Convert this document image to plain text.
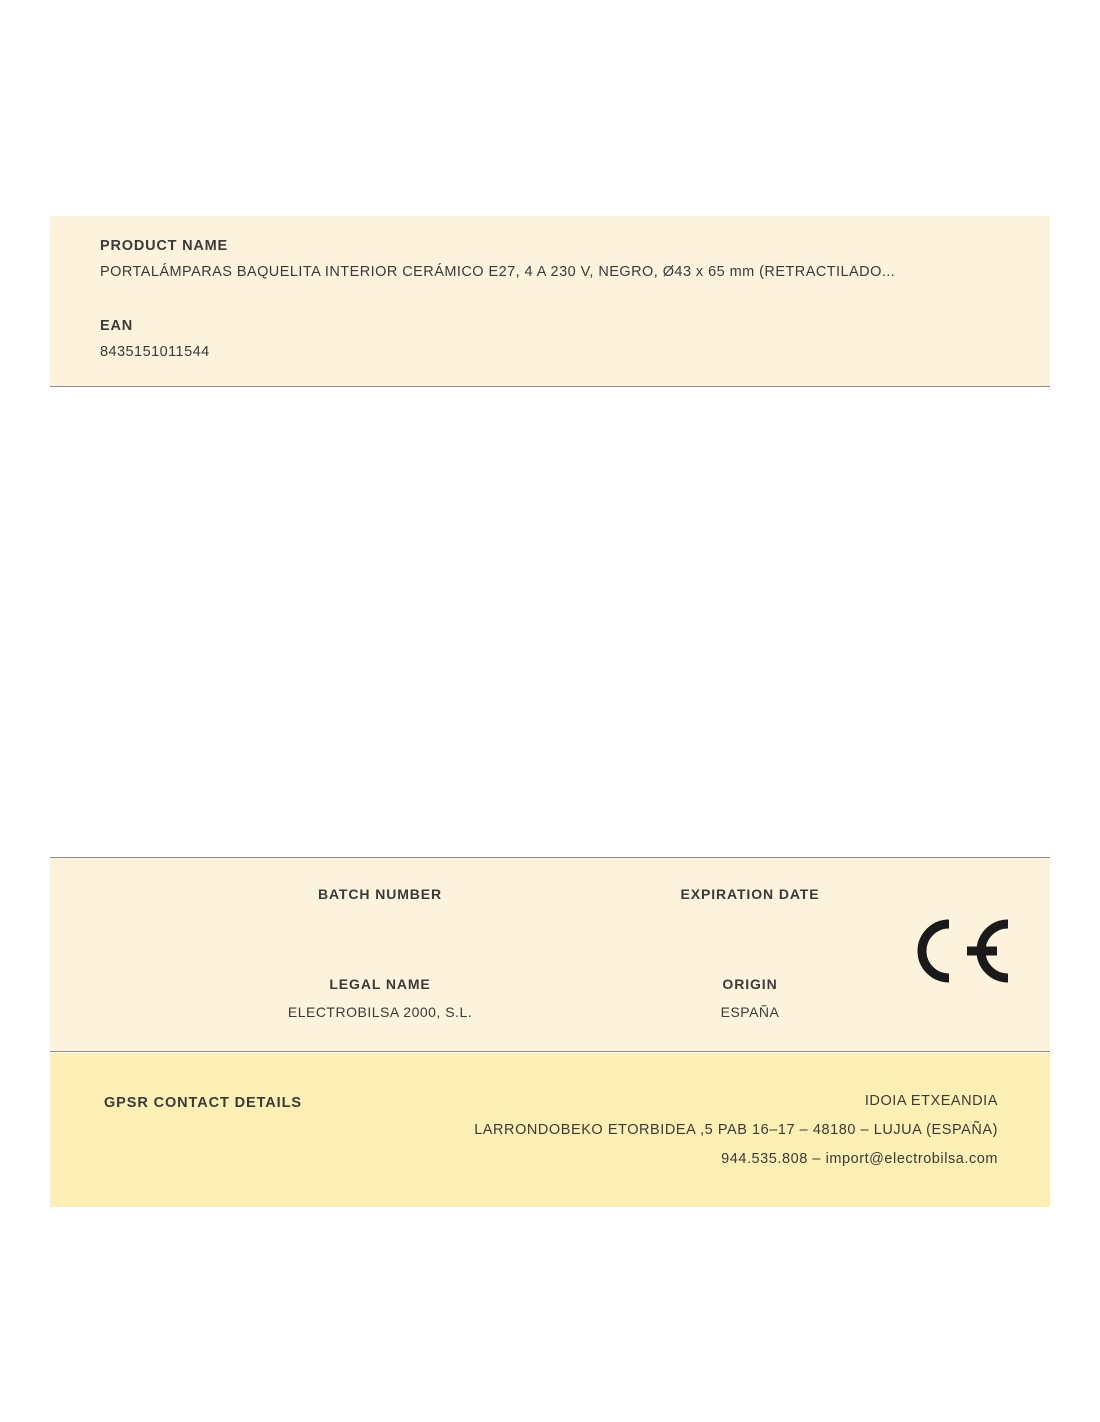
PRODUCT NAME
PORTALÁMPARAS BAQUELITA INTERIOR CERÁMICO E27, 4 A 230 V, NEGRO, Ø43 x 65 mm (RETRACTILADO...
EAN
8435151011544
BATCH NUMBER	EXPIRATION DATE
LEGAL NAME
ELECTROBILSA 2000, S.L.
ORIGIN
ESPAÑA
GPSR CONTACT DETAILS	IDOIA ETXEANDIA
LARRONDOBEKO ETORBIDEA ,5 PAB 16–17 – 48180 – LUJUA (ESPAÑA)
944.535.808 – import@electrobilsa.com
